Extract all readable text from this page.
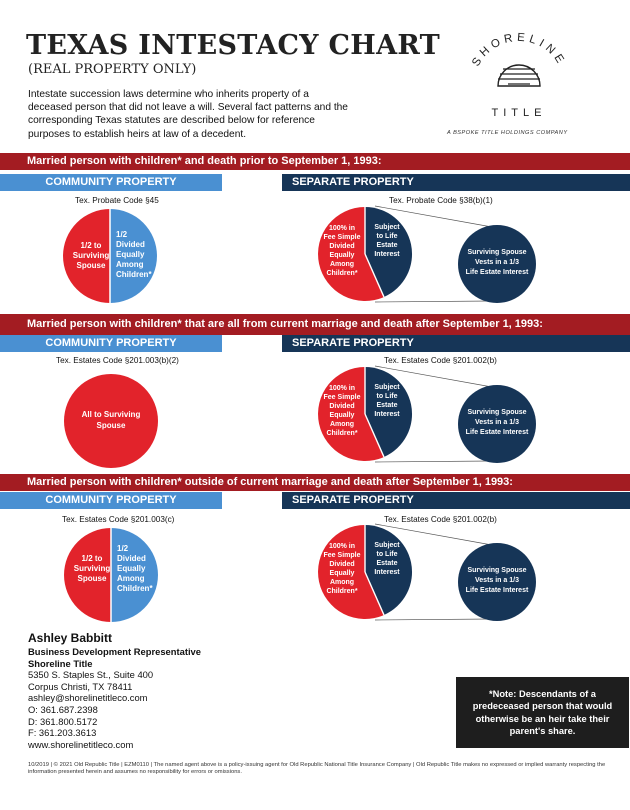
TEXAS INTESTACY CHART
(REAL PROPERTY ONLY)
Intestate succession laws determine who inherits property of a deceased person that did not leave a will. Several fact patterns and the corresponding Texas statutes are described below for reference purposes to establish heirs at law of a decedent.
SHORELINE
TITLE
A BSPOKE TITLE HOLDINGS COMPANY
Married person with children* and death prior to September 1, 1993:
COMMUNITY PROPERTY	SEPARATE PROPERTY
Tex. Probate Code §45	Tex. Probate Code §38(b)(1)
1/2 to
Surviving
Spouse
1/2
Divided
Equally
Among
Children*
100% in
Fee Simple
Divided
Equally
Among
Children*
Subject
to Life
Estate
Interest	Surviving Spouse
Vests in a 1/3
Life Estate Interest
Married person with children* that are all from current marriage and death after September 1, 1993:
COMMUNITY PROPERTY	SEPARATE PROPERTY
Tex. Estates Code §201.003(b)(2)	Tex. Estates Code §201.002(b)
All to Surviving
Spouse
100% in
Fee Simple
Divided
Equally
Among
Children*
Subject
to Life
Estate
Interest	Surviving Spouse
Vests in a 1/3
Life Estate Interest
Married person with children* outside of current marriage and death after September 1, 1993:
COMMUNITY PROPERTY	SEPARATE PROPERTY
Tex. Estates Code §201.003(c)	Tex. Estates Code §201.002(b)
1/2 to
Surviving
Spouse
1/2
Divided
Equally
Among
Children*
100% in
Fee Simple
Divided
Equally
Among
Children*
Subject
to Life
Estate
Interest	Surviving Spouse
Vests in a 1/3
Life Estate Interest
Ashley Babbitt
Business Development Representative
Shoreline Title
5350 S. Staples St., Suite 400
Corpus Christi, TX 78411
ashley@shorelinetitleco.com
O: 361.687.2398
D: 361.800.5172
F: 361.203.3613
www.shorelinetitleco.com
*Note: Descendants of a predeceased person that would otherwise be an heir take their parent's share.
10/2019 | © 2021 Old Republic Title | EZM0110 | The named agent above is a policy-issuing agent for Old Republic National Title Insurance Company | Old Republic Title makes no expressed or implied warranty respecting the information presented herein and assumes no responsibility for errors or omissions.
